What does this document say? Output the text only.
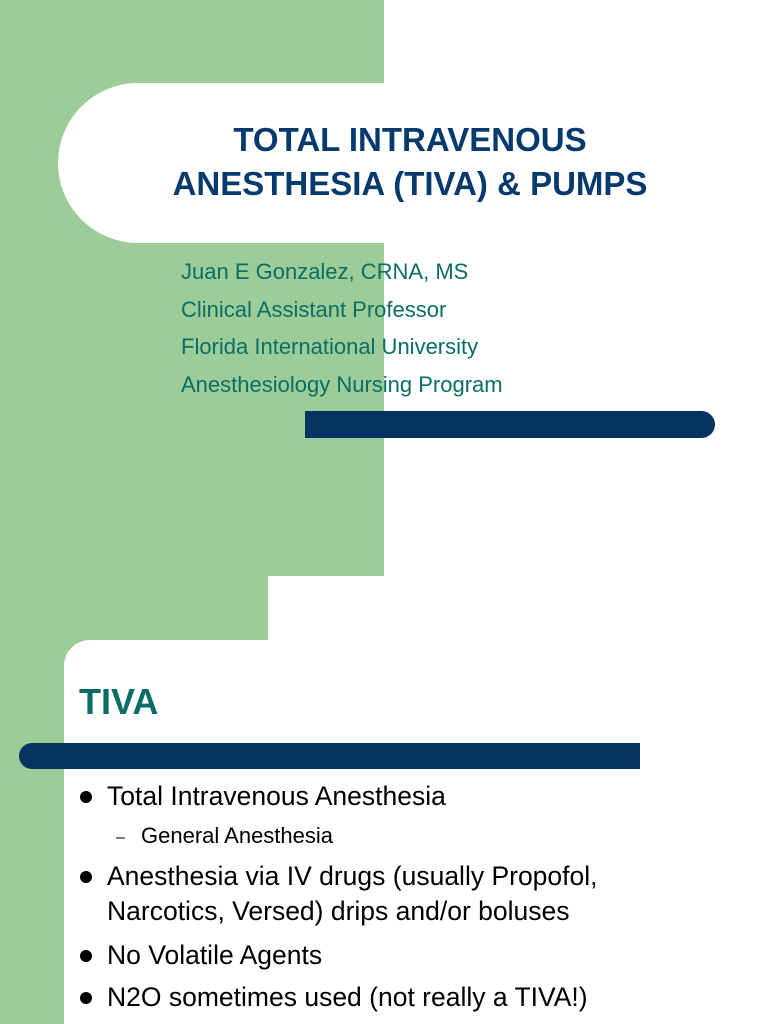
TOTAL INTRAVENOUS
ANESTHESIA (TIVA) & PUMPS
Juan E Gonzalez, CRNA, MS
Clinical Assistant Professor
Florida International University
Anesthesiology Nursing Program
TIVA
Total Intravenous Anesthesia
– General Anesthesia
Anesthesia via IV drugs (usually Propofol,
Narcotics, Versed) drips and/or boluses
No Volatile Agents
N2O sometimes used (not really a TIVA!)
